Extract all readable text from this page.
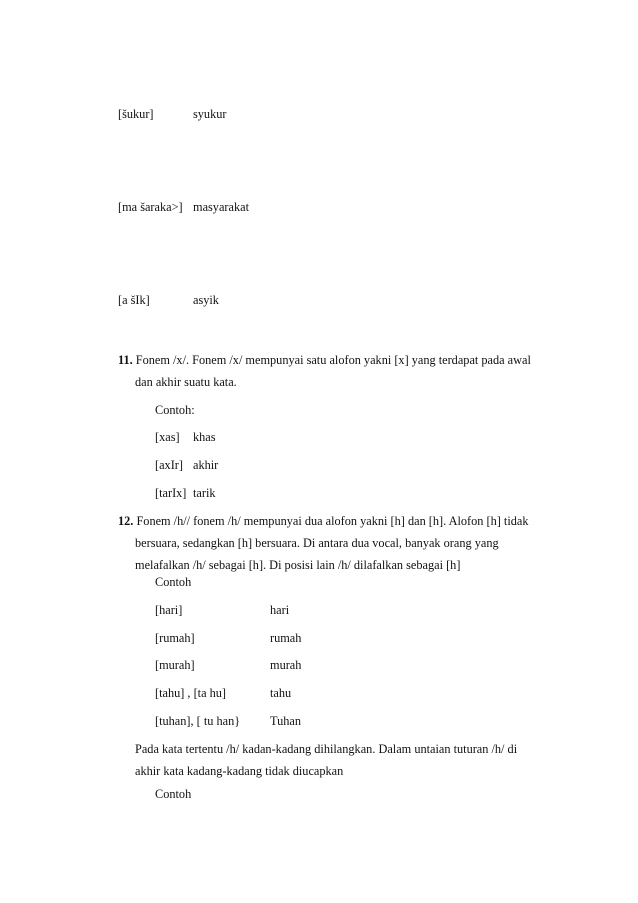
[šukur]	syukur
[ma šaraka>] masyarakat
[a šIk]	asyik
11. Fonem /x/. Fonem /x/ mempunyai satu alofon yakni [x] yang terdapat pada awal
dan akhir suatu kata.
Contoh:
[xas] khas
[axIr] akhir
[tarIx] tarik
12. Fonem /h// fonem /h/ mempunyai dua alofon yakni [h] dan [h]. Alofon [h] tidak
bersuara, sedangkan [h] bersuara. Di antara dua vocal, banyak orang yang
melafalkan /h/ sebagai [h]. Di posisi lain /h/ dilafalkan sebagai [h]
Contoh
[hari]	hari
[rumah]	rumah
[murah]	murah
[tahu] , [ta hu]	tahu
[tuhan], [ tu han} Tuhan
Pada kata tertentu /h/ kadan-kadang dihilangkan. Dalam untaian tuturan /h/ di
akhir kata kadang-kadang tidak diucapkan
Contoh
